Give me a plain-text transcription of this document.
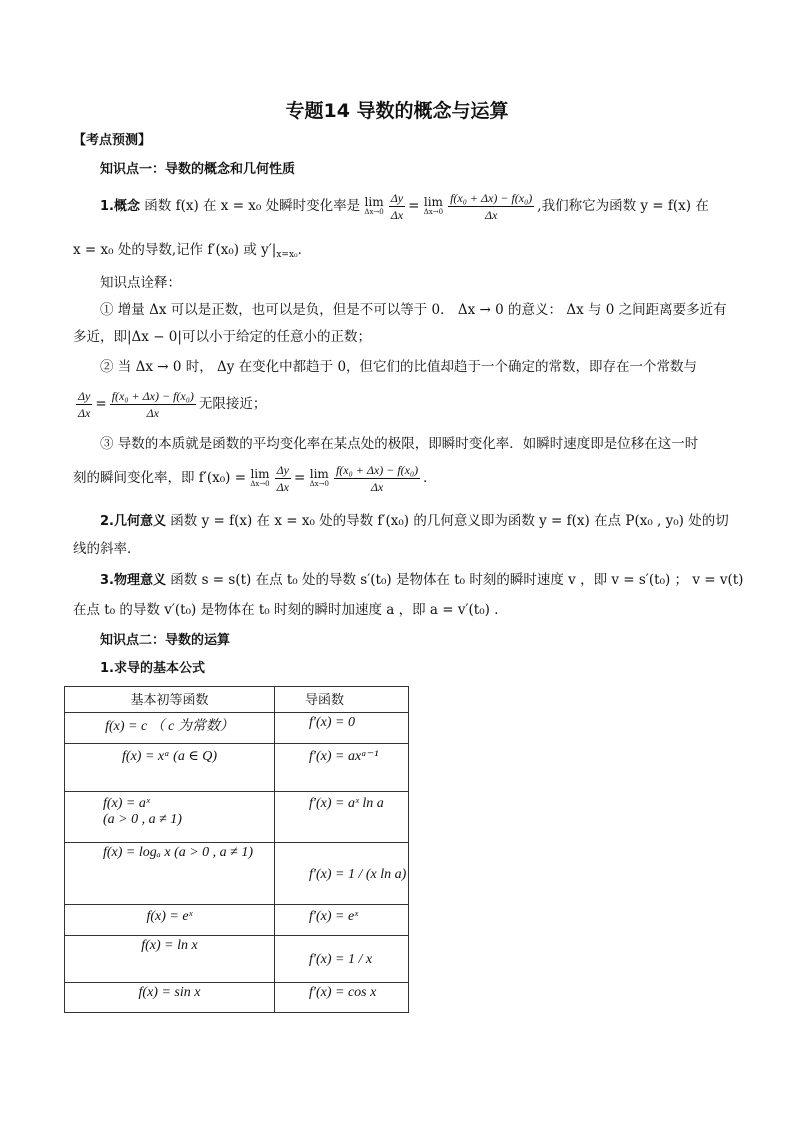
专题14 导数的概念与运算
【考点预测】
知识点一：导数的概念和几何性质
1.概念 函数 f(x) 在 x = x₀ 处瞬时变化率是 lim
$\Delta x\to 0 \frac{\Delta y}{\Delta x} = \lim$
$\Delta x\to 0 \frac{\text{f(x₀ + Δx) − f(x₀)}}{\Delta x}$ ,我们称它为函数 y = f(x) 在
x = x₀ 处的导数,记作 f′(x₀) 或 $y'|_{x=x_0}$．
知识点诠释：
① 增量 Δx 可以是正数，也可以是负，但是不可以等于 0． Δx → 0 的意义： Δx 与 0 之间距离要多近有
多近，即|Δx − 0|可以小于给定的任意小的正数；
② 当 Δx → 0 时， Δy 在变化中都趋于 0，但它们的比值却趋于一个确定的常数，即存在一个常数与
$\frac{\Delta y}{\Delta x} = \frac{\text{f(x₀ + Δx) − f(x₀)}}{\Delta x}$ 无限接近；
③ 导数的本质就是函数的平均变化率在某点处的极限，即瞬时变化率．如瞬时速度即是位移在这一时
刻的瞬间变化率，即 f′(x₀) = lim
$\Delta x\to 0 \frac{\Delta y}{\Delta x} = \lim$
$\Delta x\to 0 \frac{\text{f(x₀ + Δx) − f(x₀)}}{\Delta x}$ ．
2.几何意义 函数 y = f(x) 在 x = x₀ 处的导数 f′(x₀) 的几何意义即为函数 y = f(x) 在点 P(x₀ , y₀) 处的切
线的斜率．
3.物理意义 函数 s = s(t) 在点 t₀ 处的导数 s′(t₀) 是物体在 t₀ 时刻的瞬时速度 v ，即 v = s′(t₀) ； v = v(t)
在点 t₀ 的导数 v′(t₀) 是物体在 t₀ 时刻的瞬时加速度 a ，即 a = v′(t₀) ．
知识点二：导数的运算
1.求导的基本公式
基本初等函数	导函数
f(x) = c （ c 为常数）	f′(x) = 0

f(x) = xᵃ (a ∈ Q)	f′(x) = axᵃ⁻¹

f(x) = aˣ
(a > 0 , a ≠ 1)	f′(x) = aˣ ln a

f(x) = logₐ x (a > 0 , a ≠ 1)	f′(x) = 1 / (x ln a)

f(x) = eˣ	f′(x) = eˣ

f(x) = ln x	f′(x) = 1 / x

f(x) = sin x	f′(x) = cos x
